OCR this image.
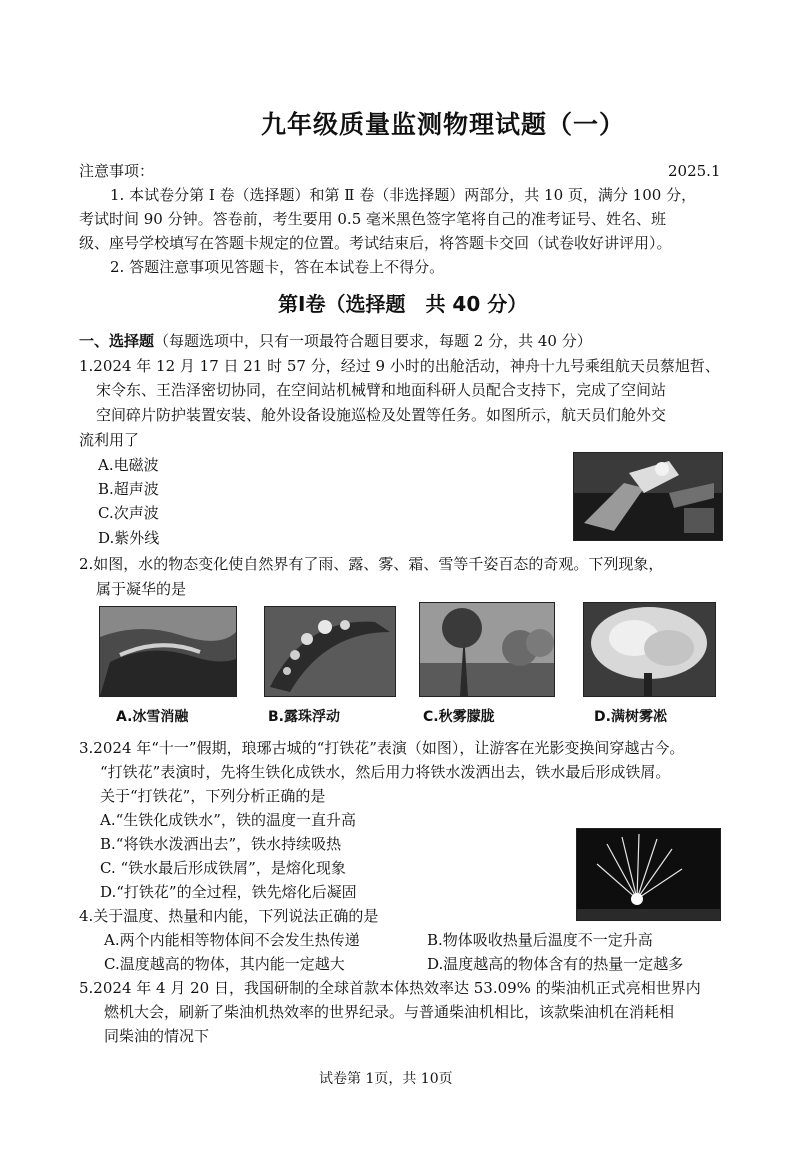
九年级质量监测物理试题（一）
注意事项：	2025.1
1. 本试卷分第 Ⅰ 卷（选择题）和第 Ⅱ 卷（非选择题）两部分，共 10 页，满分 100 分，
考试时间 90 分钟。答卷前，考生要用 0.5 毫米黑色签字笔将自己的准考证号、姓名、班
级、座号学校填写在答题卡规定的位置。考试结束后，将答题卡交回（试卷收好讲评用）。
2. 答题注意事项见答题卡，答在本试卷上不得分。
第Ⅰ卷（选择题　共 40 分）
一、选择题（每题选项中，只有一项最符合题目要求，每题 2 分，共 40 分）
1.2024 年 12 月 17 日 21 时 57 分，经过 9 小时的出舱活动，神舟十九号乘组航天员蔡旭哲、
宋令东、王浩泽密切协同，在空间站机械臂和地面科研人员配合支持下，完成了空间站
空间碎片防护装置安装、舱外设备设施巡检及处置等任务。如图所示，航天员们舱外交
流利用了
A.电磁波
B.超声波
C.次声波
D.紫外线
2.如图，水的物态变化使自然界有了雨、露、雾、霜、雪等千姿百态的奇观。下列现象，
属于凝华的是
A.冰雪消融	B.露珠浮动	C.秋雾朦胧	D.满树雾凇
3.2024 年“十一”假期，琅琊古城的“打铁花”表演（如图），让游客在光影变换间穿越古今。
“打铁花”表演时，先将生铁化成铁水，然后用力将铁水泼洒出去，铁水最后形成铁屑。
关于“打铁花”，下列分析正确的是
A.“生铁化成铁水”，铁的温度一直升高
B.“将铁水泼洒出去”，铁水持续吸热
C. “铁水最后形成铁屑”，是熔化现象
D.“打铁花”的全过程，铁先熔化后凝固
4.关于温度、热量和内能，下列说法正确的是
A.两个内能相等物体间不会发生热传递	B.物体吸收热量后温度不一定升高
C.温度越高的物体，其内能一定越大	D.温度越高的物体含有的热量一定越多
5.2024 年 4 月 20 日，我国研制的全球首款本体热效率达 53.09% 的柴油机正式亮相世界内
燃机大会，刷新了柴油机热效率的世界纪录。与普通柴油机相比，该款柴油机在消耗相
同柴油的情况下
试卷第 1页，共 10页
